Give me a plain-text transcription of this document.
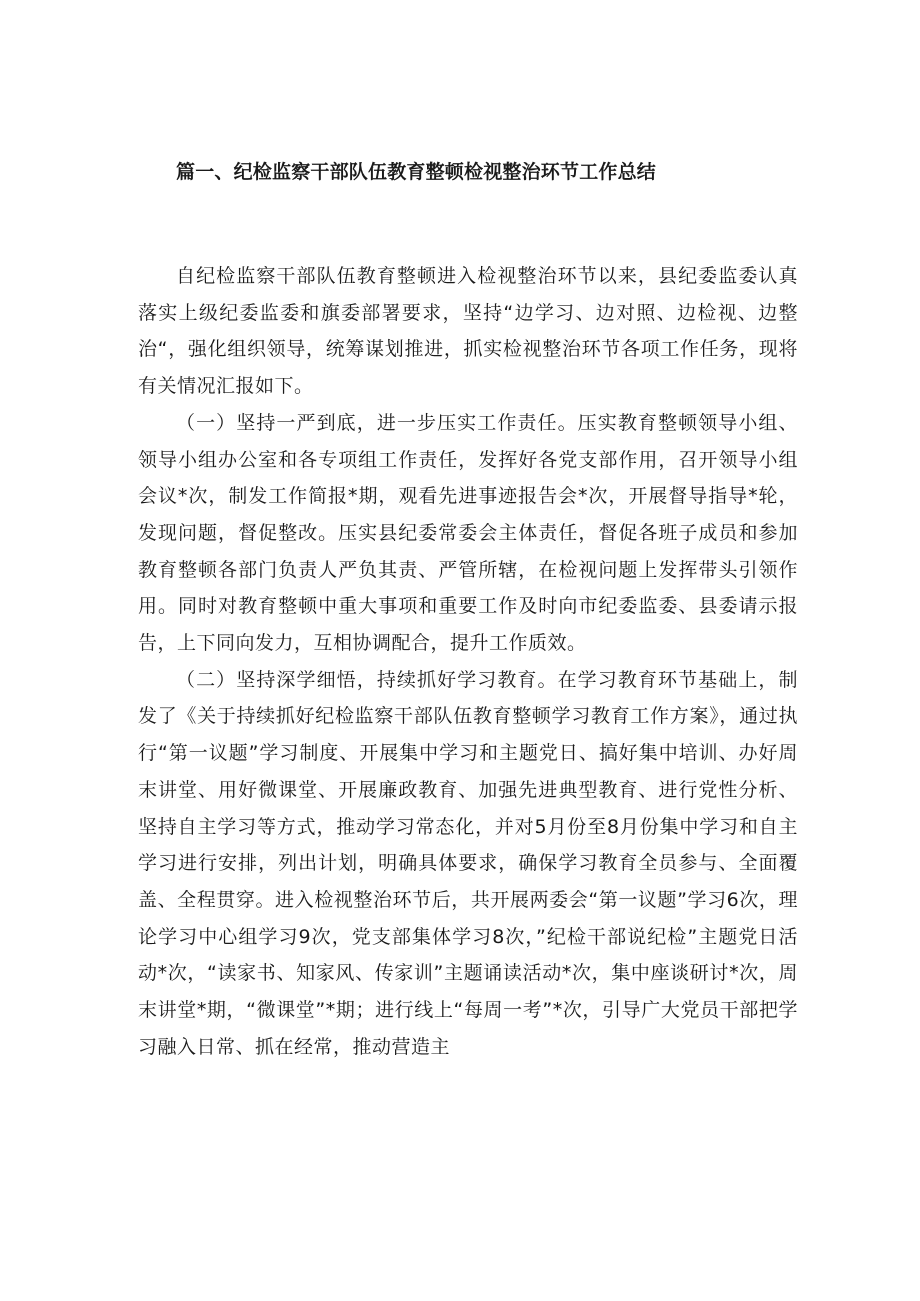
篇一、纪检监察干部队伍教育整顿检视整治环节工作总结

自纪检监察干部队伍教育整顿进入检视整治环节以来，县纪委监委认真落实上级纪委监委和旗委部署要求，坚持“边学习、边对照、边检视、边整治“，强化组织领导，统筹谋划推进，抓实检视整治环节各项工作任务，现将有关情况汇报如下。

（一）坚持一严到底，进一步压实工作责任。压实教育整顿领导小组、领导小组办公室和各专项组工作责任，发挥好各党支部作用，召开领导小组会议*次，制发工作简报*期，观看先进事迹报告会*次，开展督导指导*轮，发现问题，督促整改。压实县纪委常委会主体责任，督促各班子成员和参加教育整顿各部门负责人严负其责、严管所辖，在检视问题上发挥带头引领作用。同时对教育整顿中重大事项和重要工作及时向市纪委监委、县委请示报告，上下同向发力，互相协调配合，提升工作质效。

（二）坚持深学细悟，持续抓好学习教育。在学习教育环节基础上，制发了《关于持续抓好纪检监察干部队伍教育整顿学习教育工作方案》，通过执行“第一议题”学习制度、开展集中学习和主题党日、搞好集中培训、办好周末讲堂、用好微课堂、开展廉政教育、加强先进典型教育、进行党性分析、坚持自主学习等方式，推动学习常态化，并对5月份至8月份集中学习和自主学习进行安排，列出计划，明确具体要求，确保学习教育全员参与、全面覆盖、全程贯穿。进入检视整治环节后，共开展两委会“第一议题”学习6次，理论学习中心组学习9次，党支部集体学习8次，”纪检干部说纪检”主题党日活动*次，“读家书、知家风、传家训”主题诵读活动*次，集中座谈研讨*次，周末讲堂*期，“微课堂”*期；进行线上“每周一考”*次，引导广大党员干部把学习融入日常、抓在经常，推动营造主
